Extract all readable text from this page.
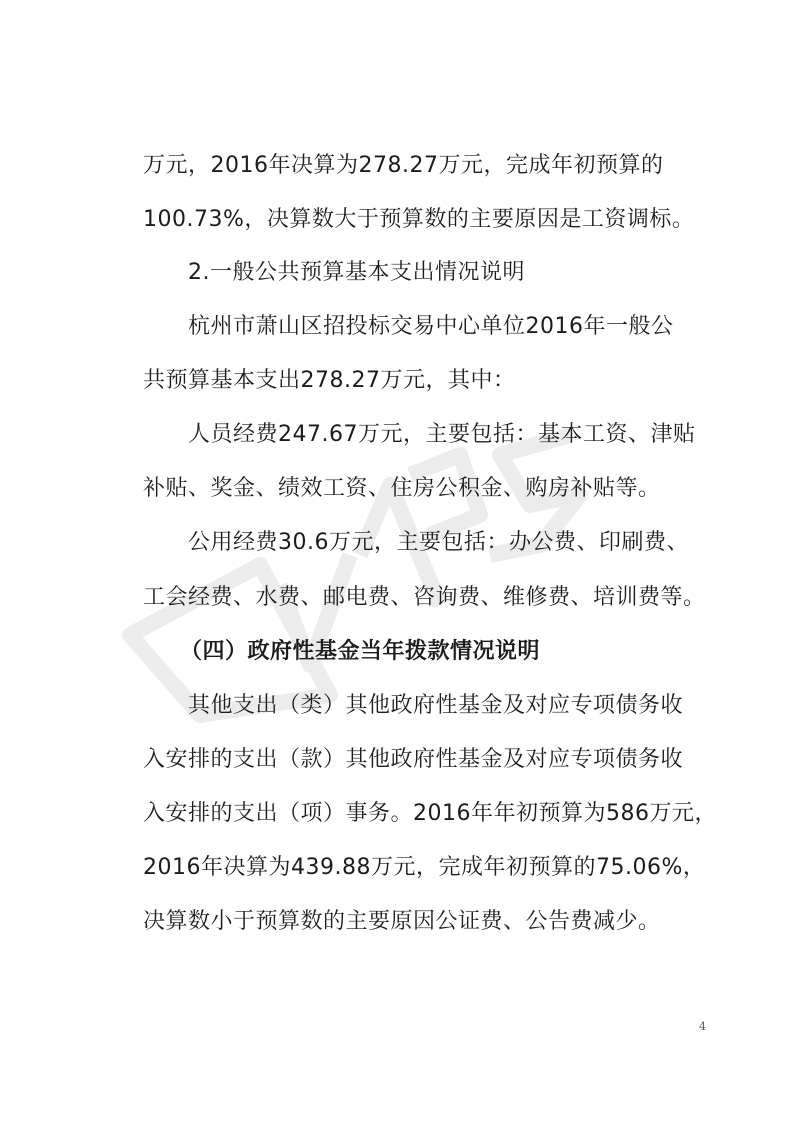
万元，2016年决算为278.27万元，完成年初预算的
100.73%，决算数大于预算数的主要原因是工资调标。
2.一般公共预算基本支出情况说明
杭州市萧山区招投标交易中心单位2016年一般公
共预算基本支出278.27万元，其中：
人员经费247.67万元，主要包括：基本工资、津贴
补贴、奖金、绩效工资、住房公积金、购房补贴等。
公用经费30.6万元，主要包括：办公费、印刷费、
工会经费、水费、邮电费、咨询费、维修费、培训费等。
（四）政府性基金当年拨款情况说明
其他支出（类）其他政府性基金及对应专项债务收
入安排的支出（款）其他政府性基金及对应专项债务收
入安排的支出（项）事务。2016年年初预算为586万元，
2016年决算为439.88万元，完成年初预算的75.06%，
决算数小于预算数的主要原因公证费、公告费减少。
4
